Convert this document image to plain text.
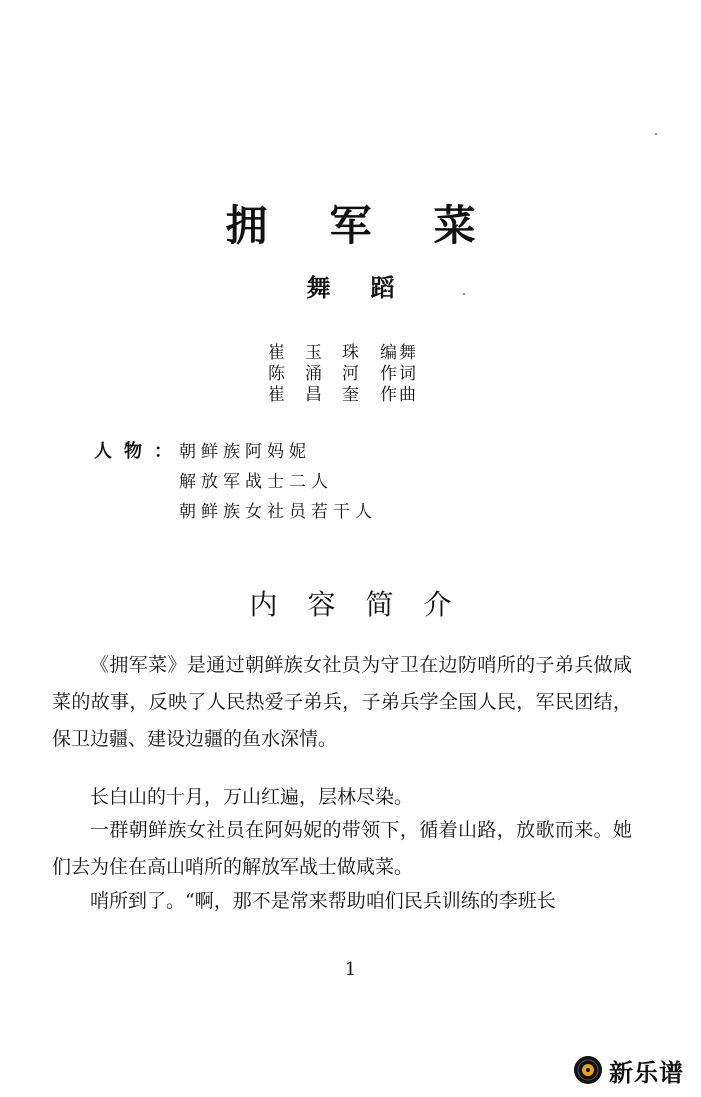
拥军菜
舞蹈
崔 玉 珠 编舞
陈 涌 河 作词
崔 昌 奎 作曲
人物：
朝鲜族阿妈妮
解放军战士二人
朝鲜族女社员若干人
内容简介
《拥军菜》是通过朝鲜族女社员为守卫在边防哨所的子弟兵做咸菜的故事，反映了人民热爱子弟兵，子弟兵学全国人民，军民团结，保卫边疆、建设边疆的鱼水深情。
长白山的十月，万山红遍，层林尽染。
一群朝鲜族女社员在阿妈妮的带领下，循着山路，放歌而来。她们去为住在高山哨所的解放军战士做咸菜。
哨所到了。“啊，那不是常来帮助咱们民兵训练的李班长
1
新乐谱
